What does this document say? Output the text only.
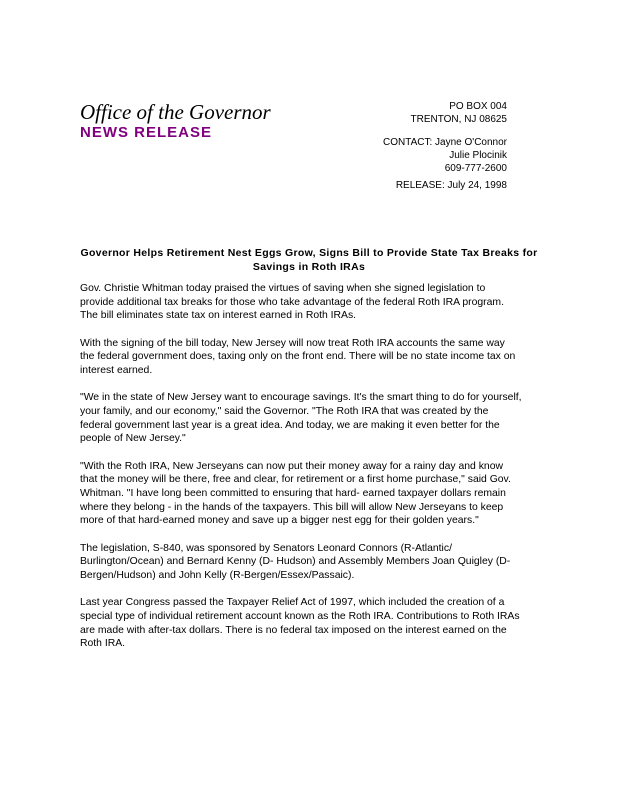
Office of the Governor
NEWS RELEASE
PO BOX 004
TRENTON, NJ 08625
CONTACT: Jayne O'Connor
Julie Plocinik
609-777-2600
RELEASE: July 24, 1998
Governor Helps Retirement Nest Eggs Grow, Signs Bill to Provide State Tax Breaks for Savings in Roth IRAs

Gov. Christie Whitman today praised the virtues of saving when she signed legislation to provide additional tax breaks for those who take advantage of the federal Roth IRA program. The bill eliminates state tax on interest earned in Roth IRAs.

With the signing of the bill today, New Jersey will now treat Roth IRA accounts the same way the federal government does, taxing only on the front end. There will be no state income tax on interest earned.

"We in the state of New Jersey want to encourage savings. It's the smart thing to do for yourself, your family, and our economy," said the Governor. "The Roth IRA that was created by the federal government last year is a great idea. And today, we are making it even better for the people of New Jersey."

"With the Roth IRA, New Jerseyans can now put their money away for a rainy day and know that the money will be there, free and clear, for retirement or a first home purchase," said Gov. Whitman. "I have long been committed to ensuring that hard- earned taxpayer dollars remain where they belong - in the hands of the taxpayers. This bill will allow New Jerseyans to keep more of that hard-earned money and save up a bigger nest egg for their golden years."

The legislation, S-840, was sponsored by Senators Leonard Connors (R-Atlantic/ Burlington/Ocean) and Bernard Kenny (D- Hudson) and Assembly Members Joan Quigley (D-Bergen/Hudson) and John Kelly (R-Bergen/Essex/Passaic).

Last year Congress passed the Taxpayer Relief Act of 1997, which included the creation of a special type of individual retirement account known as the Roth IRA. Contributions to Roth IRAs are made with after-tax dollars. There is no federal tax imposed on the interest earned on the Roth IRA.
